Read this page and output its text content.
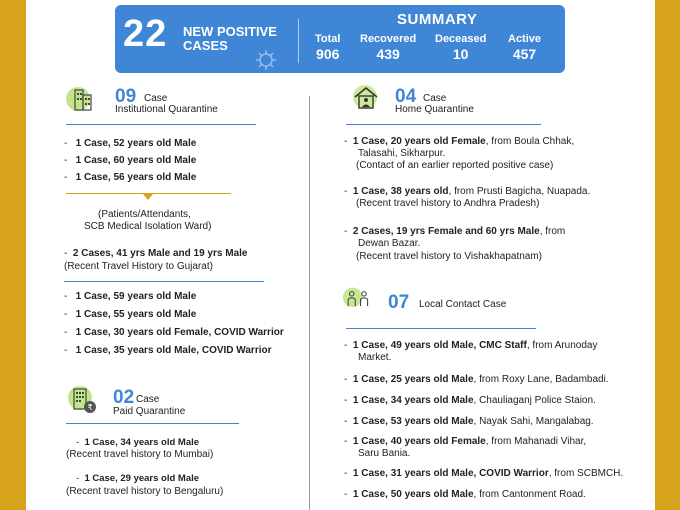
22 NEW POSITIVE
CASES
SUMMARY
Total
906
Recovered
439
Deceased
10
Active
457
09 Case
Institutional Quarantine
-   1 Case, 52 years old Male
-   1 Case, 60 years old Male
-   1 Case, 56 years old Male
(Patients/Attendants,
SCB Medical Isolation Ward)
-  2 Cases, 41 yrs Male and 19 yrs Male
(Recent Travel History to Gujarat)
-   1 Case, 59 years old Male
-   1 Case, 55 years old Male
-   1 Case, 30 years old Female, COVID Warrior
-   1 Case, 35 years old Male, COVID Warrior
₹ 02 Case
Paid Quarantine
-  1 Case, 34 years old Male
(Recent travel history to Mumbai)
-  1 Case, 29 years old Male
(Recent travel history to Bengaluru)
04 Case
Home Quarantine
-  1 Case, 20 years old Female, from Boula Chhak,
Talasahi, Sikharpur.
(Contact of an earlier reported positive case)
-  1 Case, 38 years old, from Prusti Bagicha, Nuapada.
(Recent travel history to Andhra Pradesh)
-  2 Cases, 19 yrs Female and 60 yrs Male, from
Dewan Bazar.
(Recent travel history to Vishakhapatnam)
07 Local Contact Case
-  1 Case, 49 years old Male, CMC Staff, from Arunoday
Market.
-  1 Case, 25 years old Male, from Roxy Lane, Badambadi.
-  1 Case, 34 years old Male, Chauliaganj Police Staion.
-  1 Case, 53 years old Male, Nayak Sahi, Mangalabag.
-  1 Case, 40 years old Female, from Mahanadi Vihar,
Saru Bania.
-  1 Case, 31 years old Male, COVID Warrior, from SCBMCH.
-  1 Case, 50 years old Male, from Cantonment Road.
